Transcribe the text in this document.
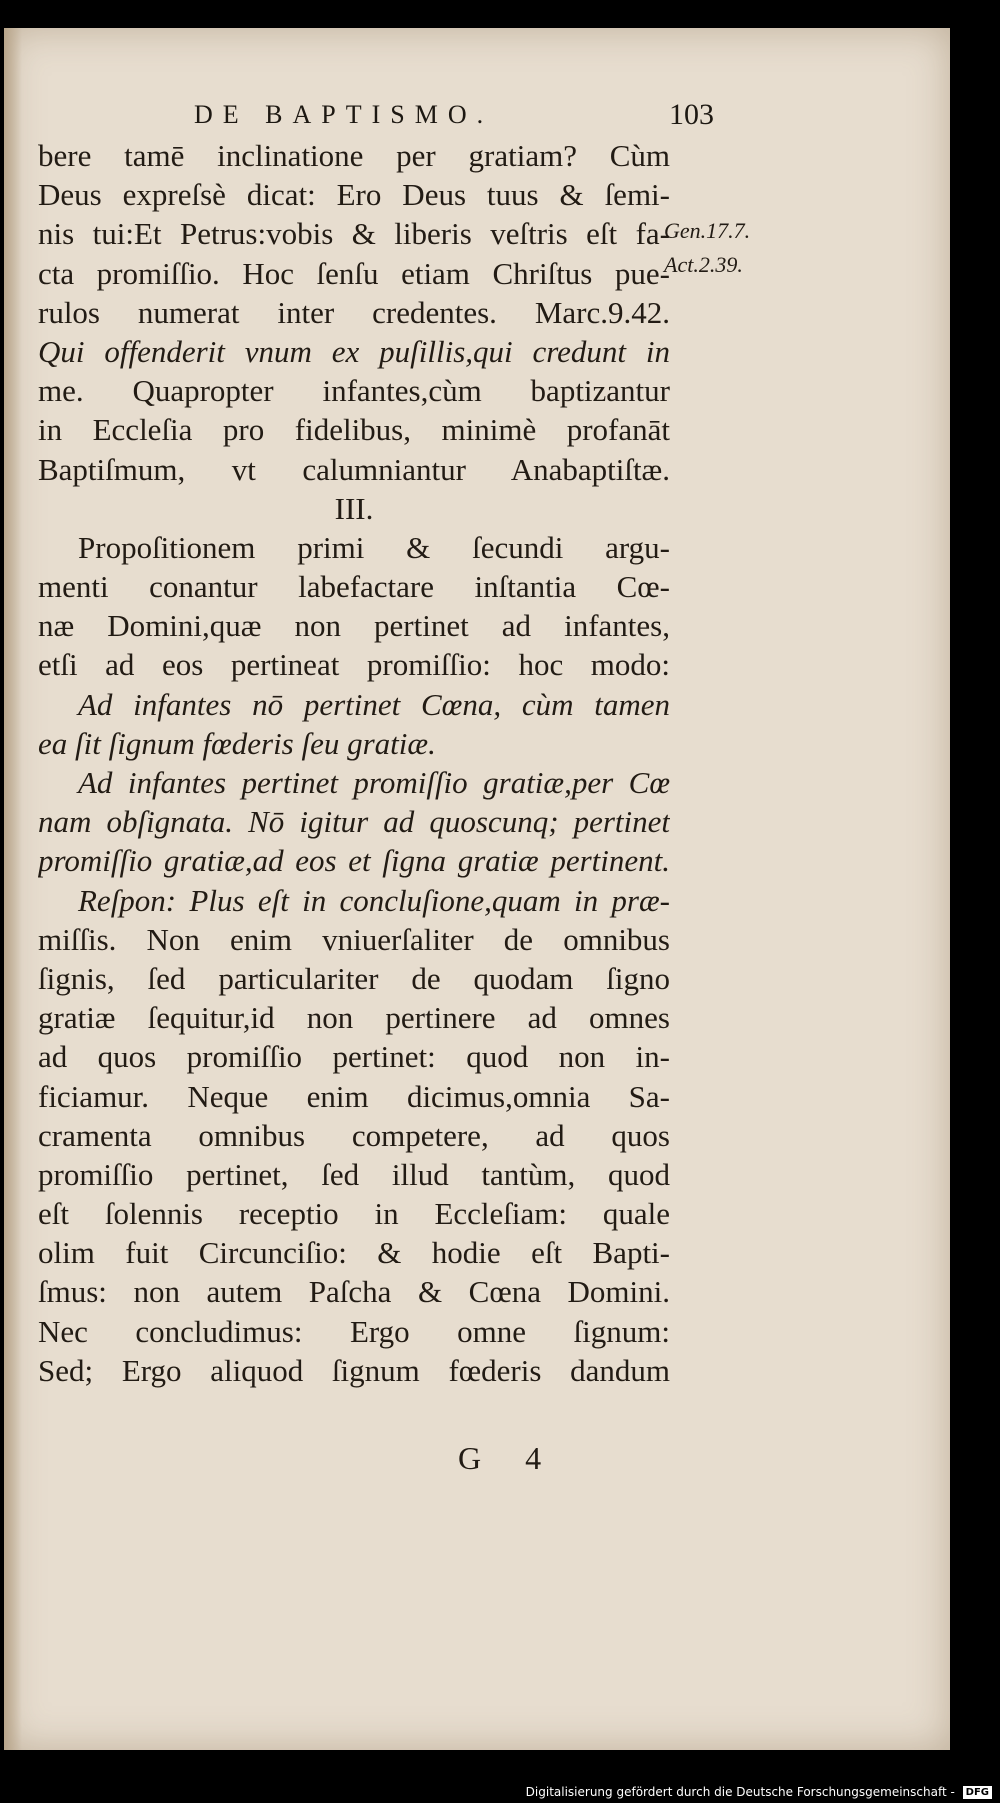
DE BAPTISMO.	103
Gen.17.7.
Act.2.39.
bere tamē inclinatione per gratiam? Cùm
Deus expreſsè dicat: Ero Deus tuus & ſemi-
nis tui:Et Petrus:vobis & liberis veſtris eſt fa-
cta promiſſio. Hoc ſenſu etiam Chriſtus pue-
rulos numerat inter credentes. Marc.9.42.
Qui offenderit vnum ex puſillis,qui credunt in
me. Quapropter infantes,cùm baptizantur
in Eccleſia pro fidelibus, minimè profanāt
Baptiſmum, vt calumniantur Anabaptiſtæ.
III.
Propoſitionem primi & ſecundi argu-
menti conantur labefactare inſtantia Cœ-
næ Domini,quæ non pertinet ad infantes,
etſi ad eos pertineat promiſſio: hoc modo:
Ad infantes nō pertinet Cœna, cùm tamen
ea ſit ſignum fœderis ſeu gratiæ.
Ad infantes pertinet promiſſio gratiæ,per Cœ
nam obſignata. Nō igitur ad quoscunq; pertinet
promiſſio gratiæ,ad eos et ſigna gratiæ pertinent.
Reſpon: Plus eſt in concluſione,quam in præ-
miſſis. Non enim vniuerſaliter de omnibus
ſignis, ſed particulariter de quodam ſigno
gratiæ ſequitur,id non pertinere ad omnes
ad quos promiſſio pertinet: quod non in-
ficiamur. Neque enim dicimus,omnia Sa-
cramenta omnibus competere, ad quos
promiſſio pertinet, ſed illud tantùm, quod
eſt ſolennis receptio in Eccleſiam: quale
olim fuit Circunciſio: & hodie eſt Bapti-
ſmus: non autem Paſcha & Cœna Domini.
Nec concludimus: Ergo omne ſignum:
Sed; Ergo aliquod ſignum fœderis dandum
G 4
Digitalisierung gefördert durch die Deutsche Forschungsgemeinschaft - DFG
